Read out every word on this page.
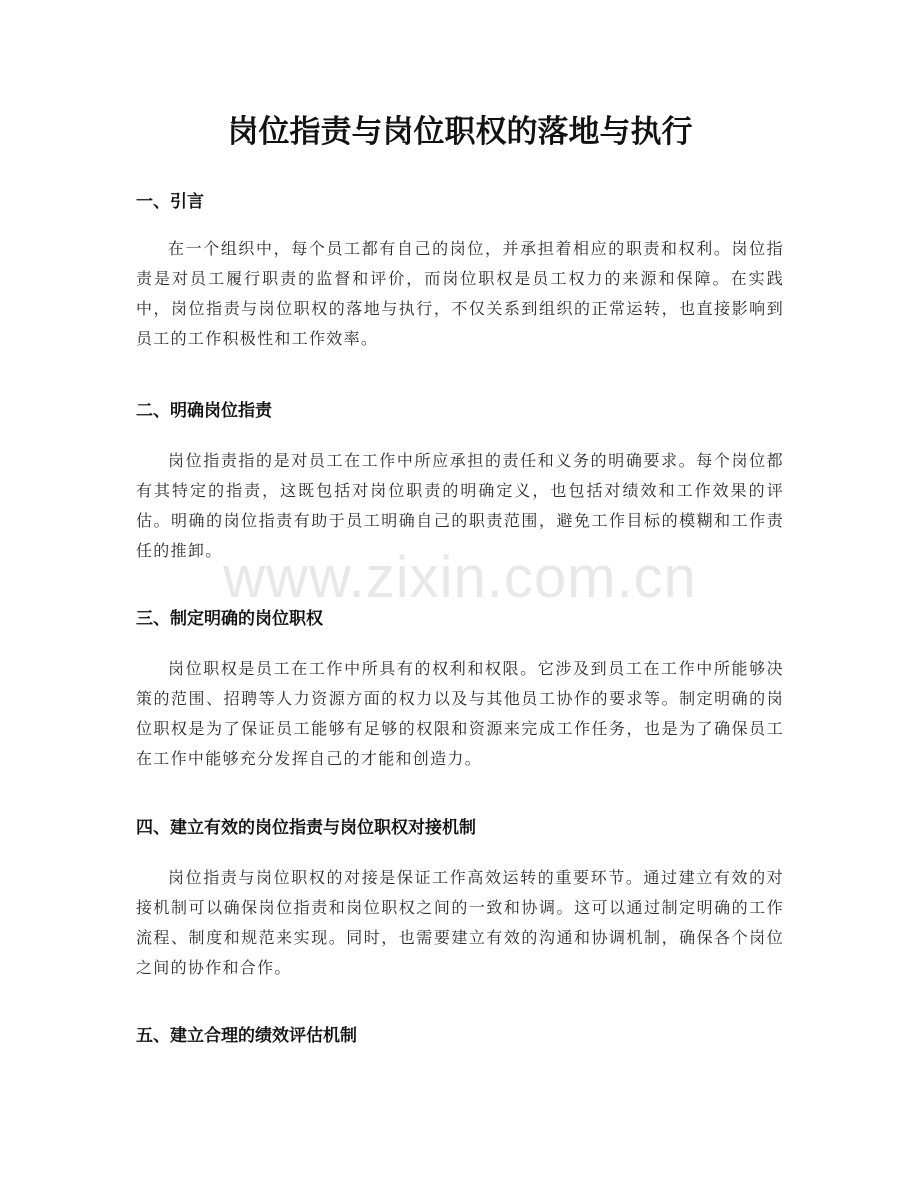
岗位指责与岗位职权的落地与执行
一、引言

在一个组织中，每个员工都有自己的岗位，并承担着相应的职责和权利。岗位指责是对员工履行职责的监督和评价，而岗位职权是员工权力的来源和保障。在实践中，岗位指责与岗位职权的落地与执行，不仅关系到组织的正常运转，也直接影响到员工的工作积极性和工作效率。

二、明确岗位指责

岗位指责指的是对员工在工作中所应承担的责任和义务的明确要求。每个岗位都有其特定的指责，这既包括对岗位职责的明确定义，也包括对绩效和工作效果的评估。明确的岗位指责有助于员工明确自己的职责范围，避免工作目标的模糊和工作责任的推卸。

三、制定明确的岗位职权

岗位职权是员工在工作中所具有的权利和权限。它涉及到员工在工作中所能够决策的范围、招聘等人力资源方面的权力以及与其他员工协作的要求等。制定明确的岗位职权是为了保证员工能够有足够的权限和资源来完成工作任务，也是为了确保员工在工作中能够充分发挥自己的才能和创造力。

四、建立有效的岗位指责与岗位职权对接机制

岗位指责与岗位职权的对接是保证工作高效运转的重要环节。通过建立有效的对接机制可以确保岗位指责和岗位职权之间的一致和协调。这可以通过制定明确的工作流程、制度和规范来实现。同时，也需要建立有效的沟通和协调机制，确保各个岗位之间的协作和合作。

五、建立合理的绩效评估机制
www.zixin.com.cn
